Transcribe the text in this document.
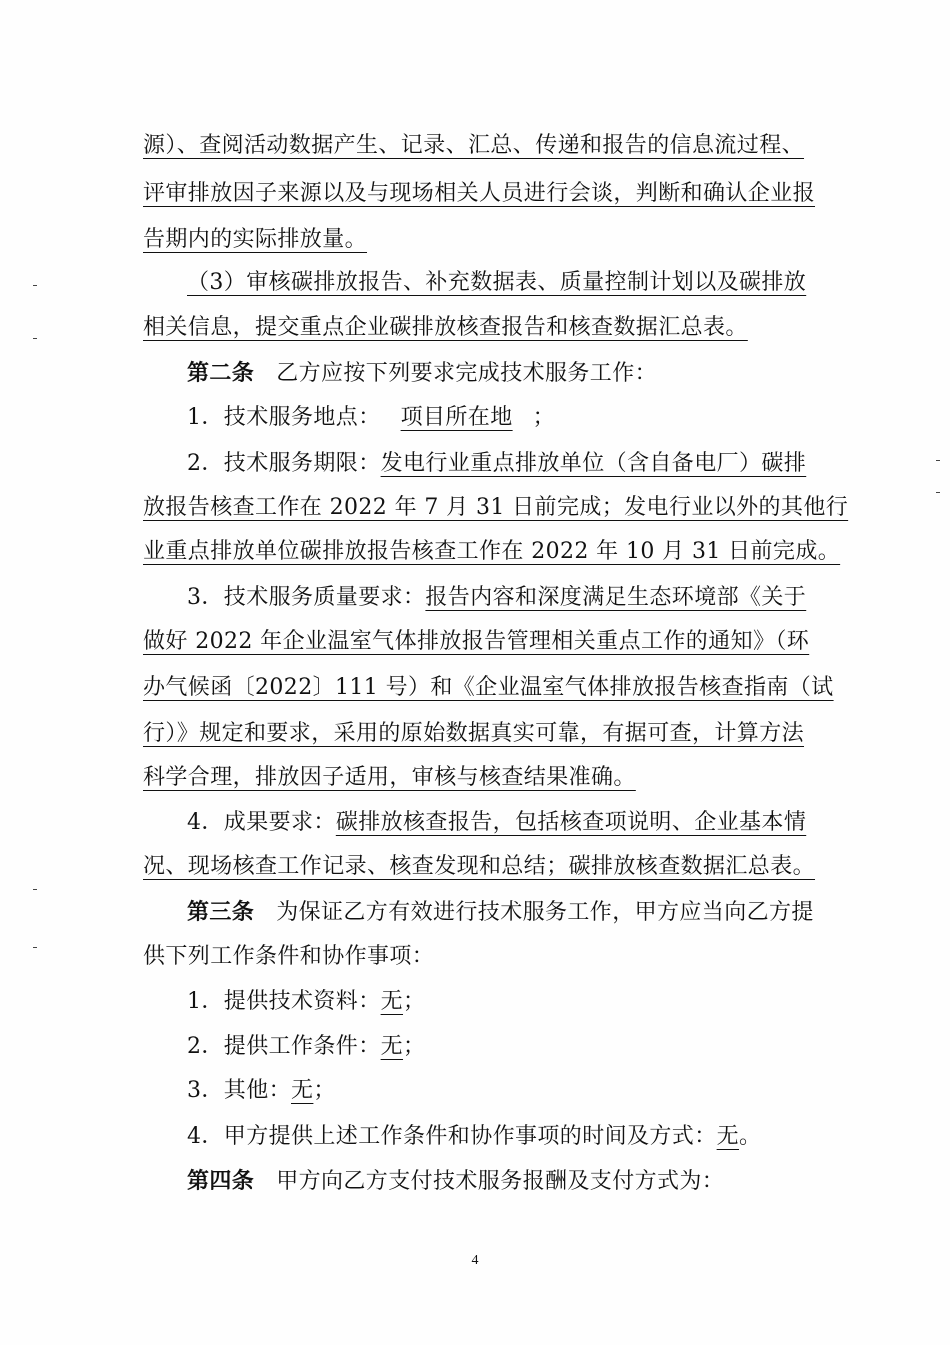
源）、查阅活动数据产生、记录、汇总、传递和报告的信息流过程、
评审排放因子来源以及与现场相关人员进行会谈，判断和确认企业报
告期内的实际排放量。
（3）审核碳排放报告、补充数据表、质量控制计划以及碳排放
相关信息，提交重点企业碳排放核查报告和核查数据汇总表。
第二条 乙方应按下列要求完成技术服务工作：
1．技术服务地点： 项目所在地 ；
2．技术服务期限：发电行业重点排放单位（含自备电厂）碳排
放报告核查工作在 2022 年 7 月 31 日前完成；发电行业以外的其他行
业重点排放单位碳排放报告核查工作在 2022 年 10 月 31 日前完成。
3．技术服务质量要求：报告内容和深度满足生态环境部《关于
做好 2022 年企业温室气体排放报告管理相关重点工作的通知》（环
办气候函〔2022〕111 号）和《企业温室气体排放报告核查指南（试
行）》规定和要求，采用的原始数据真实可靠，有据可查，计算方法
科学合理，排放因子适用，审核与核查结果准确。
4．成果要求：碳排放核查报告，包括核查项说明、企业基本情
况、现场核查工作记录、核查发现和总结；碳排放核查数据汇总表。
第三条 为保证乙方有效进行技术服务工作，甲方应当向乙方提
供下列工作条件和协作事项：
1．提供技术资料：无；
2．提供工作条件：无；
3．其他：无；
4．甲方提供上述工作条件和协作事项的时间及方式：无。
第四条 甲方向乙方支付技术服务报酬及支付方式为：
4
